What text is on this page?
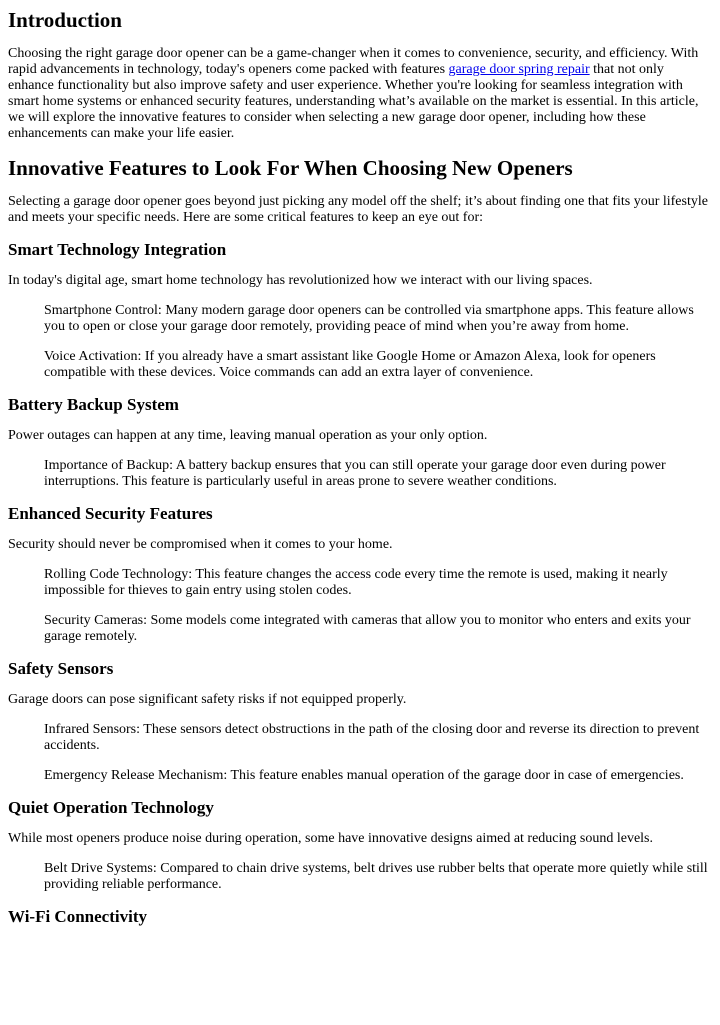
Introduction

Choosing the right garage door opener can be a game-changer when it comes to convenience, security, and efficiency. With rapid advancements in technology, today's openers come packed with features garage door spring repair that not only enhance functionality but also improve safety and user experience. Whether you're looking for seamless integration with smart home systems or enhanced security features, understanding what’s available on the market is essential. In this article, we will explore the innovative features to consider when selecting a new garage door opener, including how these enhancements can make your life easier.

Innovative Features to Look For When Choosing New Openers

Selecting a garage door opener goes beyond just picking any model off the shelf; it’s about finding one that fits your lifestyle and meets your specific needs. Here are some critical features to keep an eye out for:

Smart Technology Integration

In today's digital age, smart home technology has revolutionized how we interact with our living spaces.

Smartphone Control: Many modern garage door openers can be controlled via smartphone apps. This feature allows you to open or close your garage door remotely, providing peace of mind when you’re away from home.

Voice Activation: If you already have a smart assistant like Google Home or Amazon Alexa, look for openers compatible with these devices. Voice commands can add an extra layer of convenience.

Battery Backup System

Power outages can happen at any time, leaving manual operation as your only option.

Importance of Backup: A battery backup ensures that you can still operate your garage door even during power interruptions. This feature is particularly useful in areas prone to severe weather conditions.

Enhanced Security Features

Security should never be compromised when it comes to your home.

Rolling Code Technology: This feature changes the access code every time the remote is used, making it nearly impossible for thieves to gain entry using stolen codes.

Security Cameras: Some models come integrated with cameras that allow you to monitor who enters and exits your garage remotely.

Safety Sensors

Garage doors can pose significant safety risks if not equipped properly.

Infrared Sensors: These sensors detect obstructions in the path of the closing door and reverse its direction to prevent accidents.

Emergency Release Mechanism: This feature enables manual operation of the garage door in case of emergencies.

Quiet Operation Technology

While most openers produce noise during operation, some have innovative designs aimed at reducing sound levels.

Belt Drive Systems: Compared to chain drive systems, belt drives use rubber belts that operate more quietly while still providing reliable performance.

Wi-Fi Connectivity
